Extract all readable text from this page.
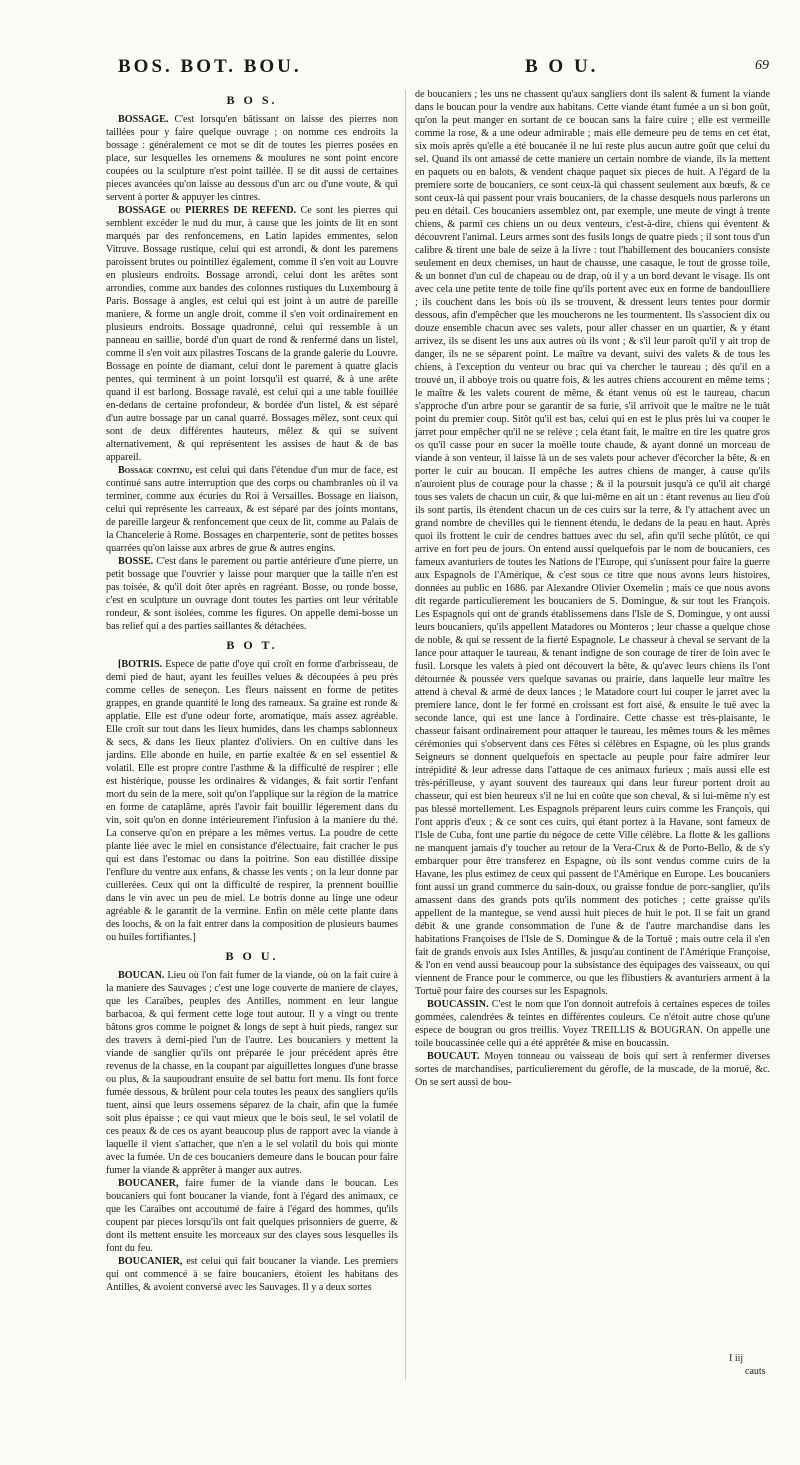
BOS. BOT. BOU.	B O U.	69
B O S.

BOSSAGE. C'est lorsqu'en bâtissant on laisse des pierres non taillées pour y faire quelque ouvrage ; on nomme ces endroits la bossage : généralement ce mot se dit de toutes les pierres posées en place, sur lesquelles les ornemens & moulures ne sont point encore coupées ou la sculpture n'est point taillée. Il se dit aussi de certaines pieces avancées qu'on laisse au dessous d'un arc ou d'une voute, & qui servent à porter & appuyer les cintres.

BOSSAGE ou PIERRES DE REFEND. Ce sont les pierres qui semblent excéder le nud du mur, à cause que les joints de lit en sont marqués par des renfoncemens, en Latin lapides emmentes, selon Vitruve. Bossage rustique, celui qui est arrondi, & dont les paremens paroissent brutes ou pointillez également, comme il s'en voit au Louvre en plusieurs endroits. Bossage arrondi, celui dont les arêtes sont arrondies, comme aux bandes des colonnes rustiques du Luxembourg à Paris. Bossage à angles, est celui qui est joint à un autre de pareille maniere, & forme un angle droit, comme il s'en voit ordinairement en plusieurs endroits. Bossage quadronné, celui qui ressemble à un panneau en saillie, bordé d'un quart de rond & renfermé dans un listel, comme il s'en voit aux pilastres Toscans de la grande galerie du Louvre. Bossage en pointe de diamant, celui dont le parement à quatre glacis pentes, qui terminent à un point lorsqu'il est quarré, & à une arête quand il est barlong. Bossage ravalé, est celui qui a une table fouillée en-dedans de certaine profondeur, & bordée d'un listel, & est séparé d'un autre bossage par un canal quarré. Bossages mêlez, sont ceux qui sont de deux différentes hauteurs, mêlez & qui se suivent alternativement, & qui représentent les assises de haut & de bas appareil.

Bossage continu, est celui qui dans l'étendue d'un mur de face, est continué sans autre interruption que des corps ou chambranles où il va terminer, comme aux écuries du Roi à Versailles. Bossage en liaison, celui qui représente les carreaux, & est séparé par des joints montans, de pareille largeur & renfoncement que ceux de lit, comme au Palais de la Chancelerie à Rome. Bossages en charpenterie, sont de petites bosses quarrées qu'on laisse aux arbres de grue & autres engins.

BOSSE. C'est dans le parement ou partie antérieure d'une pierre, un petit bossage que l'ouvrier y laisse pour marquer que la taille n'en est pas toisée, & qu'il doit ôter après en ragréant. Bosse, ou ronde bosse, c'est en sculpture un ouvrage dont toutes les parties ont leur véritable rondeur, & sont isolées, comme les figures. On appelle demi-bosse un bas relief qui a des parties saillantes & détachées.

B O T.

[BOTRIS. Espece de patte d'oye qui croît en forme d'arbrisseau, de demi pied de haut, ayant les feuilles velues & découpées à peu près comme celles de seneçon. Les fleurs naissent en forme de petites grappes, en grande quantité le long des rameaux. Sa graine est ronde & applatie. Elle est d'une odeur forte, aromatique, mais assez agréable. Elle croît sur tout dans les lieux humides, dans les champs sablonneux & secs, & dans les lieux plantez d'oliviers. On en cultive dans les jardins. Elle abonde en huile, en partie exaltée & en sel essentiel & volatil. Elle est propre contre l'asthme & la difficulté de respirer ; elle est histérique, pousse les ordinaires & vidanges, & fait sortir l'enfant mort du sein de la mere, soit qu'on l'applique sur la région de la matrice en forme de cataplâme, après l'avoir fait bouillir légerement dans du vin, soit qu'on en donne intérieurement l'infusion à la maniere du thé. La conserve qu'on en prépare a les mêmes vertus. La poudre de cette plante liée avec le miel en consistance d'électuaire, fait cracher le pus qui est dans l'estomac ou dans la poitrine. Son eau distillée dissipe l'enflure du ventre aux enfans, & chasse les vents ; on la leur donne par cuillerées. Ceux qui ont la difficulté de respirer, la prennent bouillie dans le vin avec un peu de miel. Le botris donne au linge une odeur agréable & le garantit de la vermine. Enfin on mêle cette plante dans des loochs, & on la fait entrer dans la composition de plusieurs baumes ou huiles fortifiantes.]

B O U.

BOUCAN. Lieu où l'on fait fumer de la viande, où on la fait cuire à la maniere des Sauvages ; c'est une loge couverte de maniere de clayes, que les Caraïbes, peuples des Antilles, nomment en leur langue barbacoa, & qui ferment cette loge tout autour. Il y a vingt ou trente bâtons gros comme le poignet & longs de sept à huit pieds, rangez sur des travers à demi-pied l'un de l'autre. Les boucaniers y mettent la viande de sanglier qu'ils ont préparée le jour précédent après être revenus de la chasse, en la coupant par aiguillettes longues d'une brasse ou plus, & la saupoudrant ensuite de sel battu fort menu. Ils font force fumée dessous, & brûlent pour cela toutes les peaux des sangliers qu'ils tuent, ainsi que leurs ossemens séparez de la chair, afin que la fumée soit plus épaisse ; ce qui vaut mieux que le bois seul, le sel volatil de ces peaux & de ces os ayant beaucoup plus de rapport avec la viande à laquelle il vient s'attacher, que n'en a le sel volatil du bois qui monte avec la fumée. Un de ces boucaniers demeure dans le boucan pour faire fumer la viande & apprêter à manger aux autres.

BOUCANER, faire fumer de la viande dans le boucan. Les boucaniers qui font boucaner la viande, font à l'égard des animaux, ce que les Caraïbes ont accoutumé de faire à l'égard des hommes, qu'ils coupent par pieces lorsqu'ils ont fait quelques prisonniers de guerre, & dont ils mettent ensuite les morceaux sur des clayes sous lesquelles ils font du feu.

BOUCANIER, est celui qui fait boucaner la viande. Les premiers qui ont commencé à se faire boucaniers, étoient les habitans des Antilles, & avoient conversé avec les Sauvages. Il y a deux sortes

de boucaniers ; les uns ne chassent qu'aux sangliers dont ils salent & fument la viande dans le boucan pour la vendre aux habitans. Cette viande étant fumée a un si bon goût, qu'on la peut manger en sortant de ce boucan sans la faire cuire ; elle est vermeille comme la rose, & a une odeur admirable ; mais elle demeure peu de tems en cet état, six mois après qu'elle a été boucanée il ne lui reste plus aucun autre goût que celui du sel. Quand ils ont amassé de cette maniere un certain nombre de viande, ils la mettent en paquets ou en balots, & vendent chaque paquet six pieces de huit. A l'égard de la premiere sorte de boucaniers, ce sont ceux-là qui chassent seulement aux bœufs, & ce sont ceux-là qui passent pour vrais boucaniers, de la chasse desquels nous parlerons un peu en détail. Ces boucaniers assemblez ont, par exemple, une meute de vingt à trente chiens, & parmi ces chiens un ou deux venteurs, c'est-à-dire, chiens qui éventent & découvrent l'animal. Leurs armes sont des fusils longs de quatre pieds ; il sont tous d'un calibre & tirent une bale de seize à la livre : tout l'habillement des boucaniers consiste seulement en deux chemises, un haut de chausse, une casaque, le tout de grosse toile, & un bonnet d'un cul de chapeau ou de drap, où il y a un bord devant le visage. Ils ont avec cela une petite tente de toile fine qu'ils portent avec eux en forme de bandoulliere ; ils couchent dans les bois où ils se trouvent, & dressent leurs tentes pour dormir dessous, afin d'empêcher que les moucherons ne les tourmentent. Ils s'associent dix ou douze ensemble chacun avec ses valets, pour aller chasser en un quartier, & y étant arrivez, ils se disent les uns aux autres où ils vont ; & s'il leur paroît qu'il y ait trop de danger, ils ne se séparent point. Le maître va devant, suivi des valets & de tous les chiens, à l'exception du venteur ou brac qui va chercher le taureau ; dès qu'il en a trouvé un, il abboye trois ou quatre fois, & les autres chiens accourent en même tems ; le maître & les valets courent de même, & étant venus où est le taureau, chacun s'approche d'un arbre pour se garantir de sa furie, s'il arrivoit que le maître ne le tuât point du premier coup. Sitôt qu'il est bas, celui qui en est le plus près lui va couper le jarret pour empêcher qu'il ne se relève ; cela étant fait, le maître en tire les quatre gros os qu'il casse pour en sucer la moëlle toute chaude, & ayant donné un morceau de viande à son venteur, il laisse là un de ses valets pour achever d'écorcher la bête, & en porter le cuir au boucan. Il empêche les autres chiens de manger, à cause qu'ils n'auroient plus de courage pour la chasse ; & il la poursuit jusqu'à ce qu'il ait chargé tous ses valets de chacun un cuir, & que lui-même en ait un : étant revenus au lieu d'où ils sont partis, ils étendent chacun un de ces cuirs sur la terre, & l'y attachent avec un grand nombre de chevilles qui le tiennent étendu, le dedans de la peau en haut. Après quoi ils frottent le cuir de cendres battues avec du sel, afin qu'il seche plûtôt, ce qui arrive en fort peu de jours. On entend aussi quelquefois par le nom de boucaniers, ces fameux avanturiers de toutes les Nations de l'Europe, qui s'unissent pour faire la guerre aux Espagnols de l'Amérique, & c'est sous ce titre que nous avons leurs histoires, données au public en 1686. par Alexandre Olivier Oxemelin ; mais ce que nous avons dit regarde particulierement les boucaniers de S. Domingue, & sur tout les François. Les Espagnols qui ont de grands établissemens dans l'Isle de S. Domingue, y ont aussi leurs boucaniers, qu'ils appellent Matadores ou Monteros ; leur chasse a quelque chose de noble, & qui se ressent de la fierté Espagnole. Le chasseur à cheval se servant de la lance pour attaquer le taureau, & tenant indigne de son courage de tirer de loin avec le fusil. Lorsque les valets à pied ont découvert la bête, & qu'avec leurs chiens ils l'ont détournée & poussée vers quelque savanas ou prairie, dans laquelle leur maître les attend à cheval & armé de deux lances ; le Matadore court lui couper le jarret avec la premiere lance, dont le fer formé en croissant est fort aisé, & ensuite le tuë avec la seconde lance, qui est une lance à l'ordinaire. Cette chasse est très-plaisante, le chasseur faisant ordinairement pour attaquer le taureau, les mêmes tours & les mêmes cérémonies qui s'observent dans ces Fêtes si célèbres en Espagne, où les plus grands Seigneurs se donnent quelquefois en spectacle au peuple pour faire admirer leur intrépidité & leur adresse dans l'attaque de ces animaux furieux ; mais aussi elle est très-périlleuse, y ayant souvent des taureaux qui dans leur fureur portent droit au chasseur, qui est bien heureux s'il ne lui en coûte que son cheval, & si lui-même n'y est pas blessé mortellement. Les Espagnols préparent leurs cuirs comme les François, qui l'ont appris d'eux ; & ce sont ces cuirs, qui étant portez à la Havane, sont fameux de l'Isle de Cuba, font une partie du négoce de cette Ville célèbre. La flotte & les gallions ne manquent jamais d'y toucher au retour de la Vera-Crux & de Porto-Bello, & de s'y embarquer pour être transferez en Espagne, où ils sont vendus comme cuirs de la Havane, les plus estimez de ceux qui passent de l'Amérique en Europe. Les boucaniers font aussi un grand commerce du sain-doux, ou graisse fondue de porc-sanglier, qu'ils amassent dans des grands pots qu'ils nomment des potiches ; cette graisse qu'ils appellent de la mantegue, se vend aussi huit pieces de huit le pot. Il se fait un grand débit & une grande consommation de l'une & de l'autre marchandise dans les habitations Françoises de l'Isle de S. Domingue & de la Tortuë ; mais outre cela il s'en fait de grands envois aux Isles Antilles, & jusqu'au continent de l'Amérique Françoise, & l'on en vend aussi beaucoup pour la subsistance des équipages des vaisseaux, ou qui viennent de France pour le commerce, ou que les flibustiers & avanturiers arment à la Tortuë pour faire des courses sur les Espagnols.

BOUCASSIN. C'est le nom que l'on donnoit autrefois à certaines especes de toiles gommées, calendrées & teintes en différentes couleurs. Ce n'étoit autre chose qu'une espece de bougran ou gros treillis. Voyez TREILLIS & BOUGRAN. On appelle une toile boucassinée celle qui a été apprêtée & mise en boucassin.

BOUCAUT. Moyen tonneau ou vaisseau de bois qui sert à renfermer diverses sortes de marchandises, particulierement du gérofle, de la muscade, de la moruë, &c. On se sert aussi de bou-

I iij
cauts
